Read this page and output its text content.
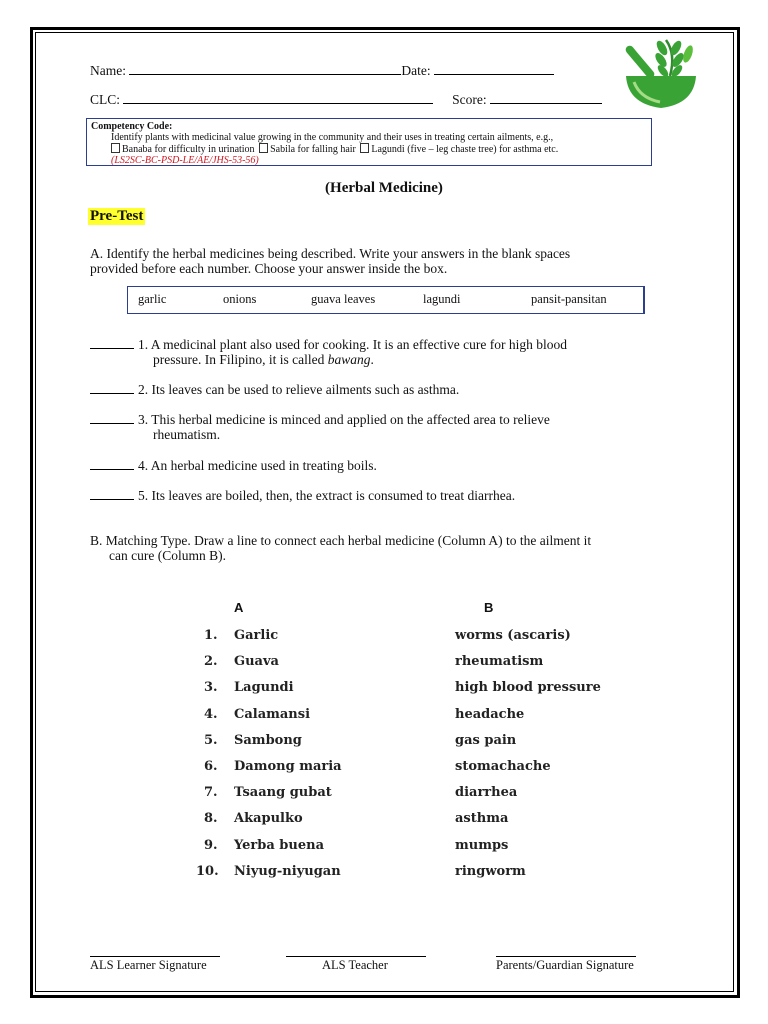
Name:	Date:
CLC:	Score:
Competency Code:
Identify plants with medicinal value growing in the community and their uses in treating certain ailments, e.g.,
Banaba for difficulty in urination Sabila for falling hair Lagundi (five – leg chaste tree) for asthma etc.
(LS2SC-BC-PSD-LE/AE/JHS-53-56)
(Herbal Medicine)
Pre-Test
A. Identify the herbal medicines being described. Write your answers in the blank spaces
provided before each number. Choose your answer inside the box.
garlic	onions	guava leaves	lagundi	pansit-pansitan
1. A medicinal plant also used for cooking. It is an effective cure for high blood
pressure. In Filipino, it is called bawang.
2. Its leaves can be used to relieve ailments such as asthma.
3. This herbal medicine is minced and applied on the affected area to relieve
rheumatism.
4. An herbal medicine used in treating boils.
5. Its leaves are boiled, then, the extract is consumed to treat diarrhea.
B. Matching Type. Draw a line to connect each herbal medicine (Column A) to the ailment it
can cure (Column B).
A	B
1. Garlic	worms (ascaris)
2. Guava	rheumatism
3. Lagundi	high blood pressure
4. Calamansi	headache
5. Sambong	gas pain
6. Damong maria	stomachache
7. Tsaang gubat	diarrhea
8. Akapulko	asthma
9. Yerba buena	mumps
10. Niyug-niyugan	ringworm
ALS Learner Signature	ALS Teacher	Parents/Guardian Signature
